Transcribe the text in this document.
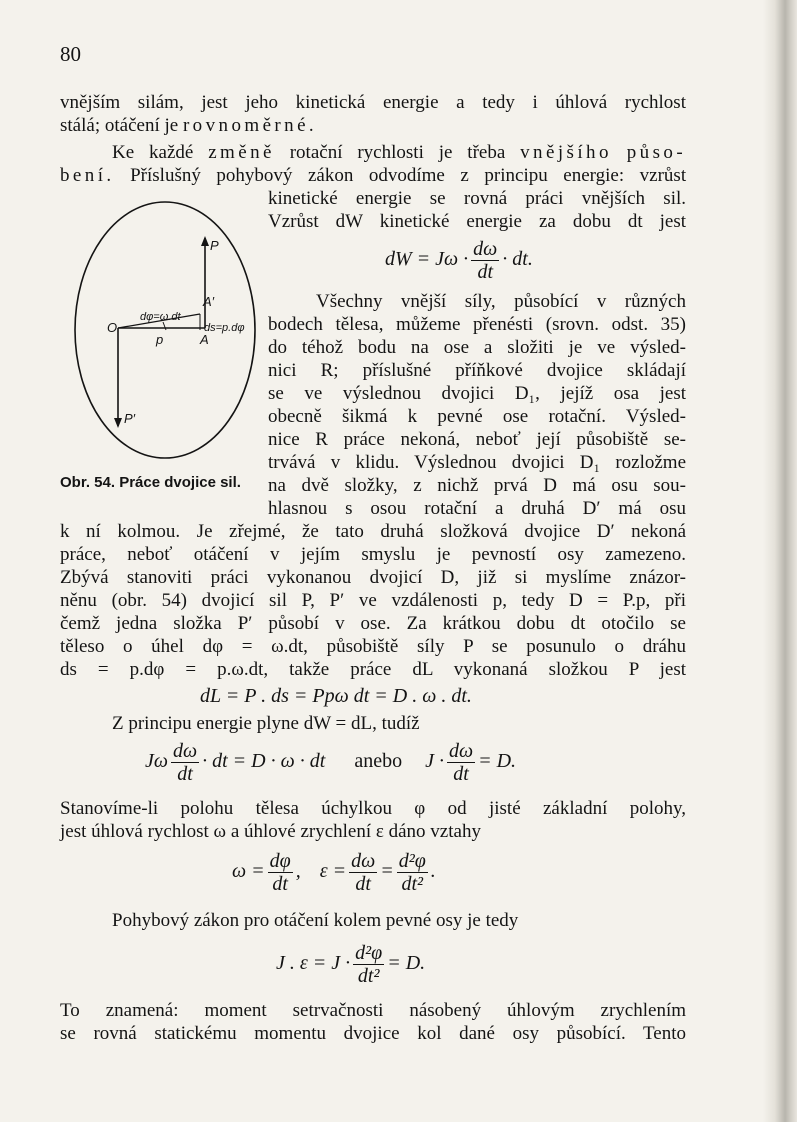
80
vnějším silám, jest jeho kinetická energie a tedy i úhlová rychlost
stálá; otáčení je rovnoměrné.
Ke každé změně rotační rychlosti je třeba vnějšího půso-
bení. Příslušný pohybový zákon odvodíme z principu energie: vzrůst
kinetické energie se rovná práci vnějších sil.
Vzrůst dW kinetické energie za dobu dt jest
dW = $J\omega \cdot \frac{d\omega}{dt}$ · dt.
P
P′
O
A
A′
p
dφ=ω.dt
ds=p.dφ
Obr. 54. Práce dvojice sil.
Všechny vnější síly, působící v různých
bodech tělesa, můžeme přenésti (srovn. odst. 35)
do téhož bodu na ose a složiti je ve výsled-
nici R; příslušné příňkové dvojice skládají
se ve výslednou dvojici D₁, jejíž osa jest
obecně šikmá k pevné ose rotační. Výsled-
nice R práce nekoná, neboť její působiště se-
trvává v klidu. Výslednou dvojici D₁ rozložme
na dvě složky, z nichž prvá D má osu sou-
hlasnou s osou rotační a druhá D′ má osu
k ní kolmou. Je zřejmé, že tato druhá složková dvojice D′ nekoná
práce, neboť otáčení v jejím smyslu je pevností osy zamezeno.
Zbývá stanoviti práci vykonanou dvojicí D, již si myslíme znázor-
něnu (obr. 54) dvojicí sil P, P′ ve vzdálenosti p, tedy D = P.p, při
čemž jedna složka P′ působí v ose. Za krátkou dobu dt otočilo se
těleso o úhel dφ = ω.dt, působiště síly P se posunulo o dráhu
ds = p.dφ = p.ω.dt, takže práce dL vykonaná složkou P jest
dL = P . ds = Ppω dt = D . ω . dt.
Z principu energie plyne dW = dL, tudíž
Jω $\frac{d\omega}{dt}$ · dt = D · ω · dt anebo $J \cdot \frac{d\omega}{dt} = D$.
Stanovíme-li polohu tělesa úchylkou φ od jisté základní polohy,
jest úhlová rychlost ω a úhlové zrychlení ε dáno vztahy
$\omega = \frac{d\varphi}{dt}$ , $\varepsilon = \frac{d\omega}{dt} = \frac{\text{d²φ}}{\text{dt²}}$ .
Pohybový zákon pro otáčení kolem pevné osy je tedy
J . $\varepsilon = J \cdot \frac{\text{d²φ}}{\text{dt²}} = D$.
To znamená: moment setrvačnosti násobený úhlovým zrychlením
se rovná statickému momentu dvojice kol dané osy působící. Tento
